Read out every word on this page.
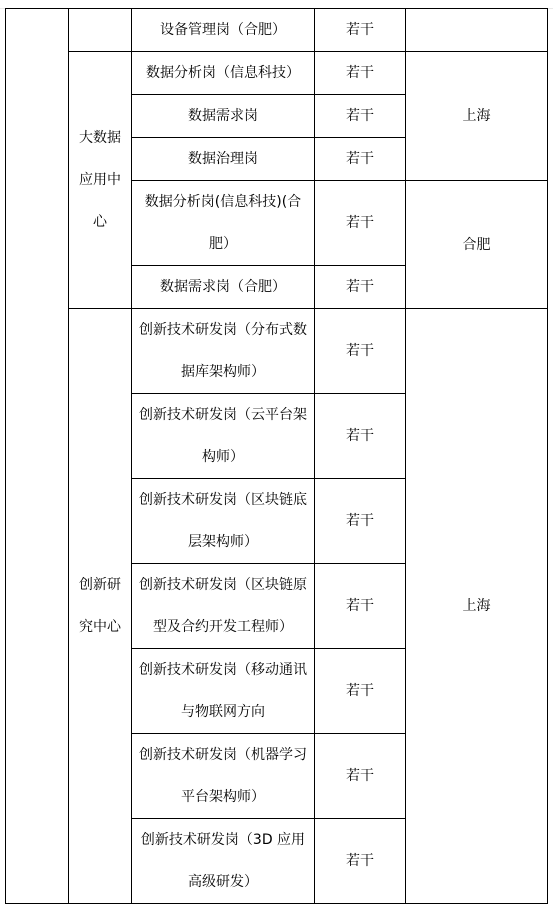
		设备管理岗（合肥）	若干	
	大数据应用中心	数据分析岗（信息科技）	若干	上海
		数据需求岗	若干	
		数据治理岗	若干	
		数据分析岗(信息科技)(合肥）	若干	合肥
		数据需求岗（合肥）	若干	
	创新研究中心	创新技术研发岗（分布式数据库架构师）	若干	上海
		创新技术研发岗（云平台架构师）	若干	
		创新技术研发岗（区块链底层架构师）	若干	
		创新技术研发岗（区块链原型及合约开发工程师）	若干	
		创新技术研发岗（移动通讯与物联网方向	若干	
		创新技术研发岗（机器学习平台架构师）	若干	
		创新技术研发岗（3D 应用高级研发）	若干	
